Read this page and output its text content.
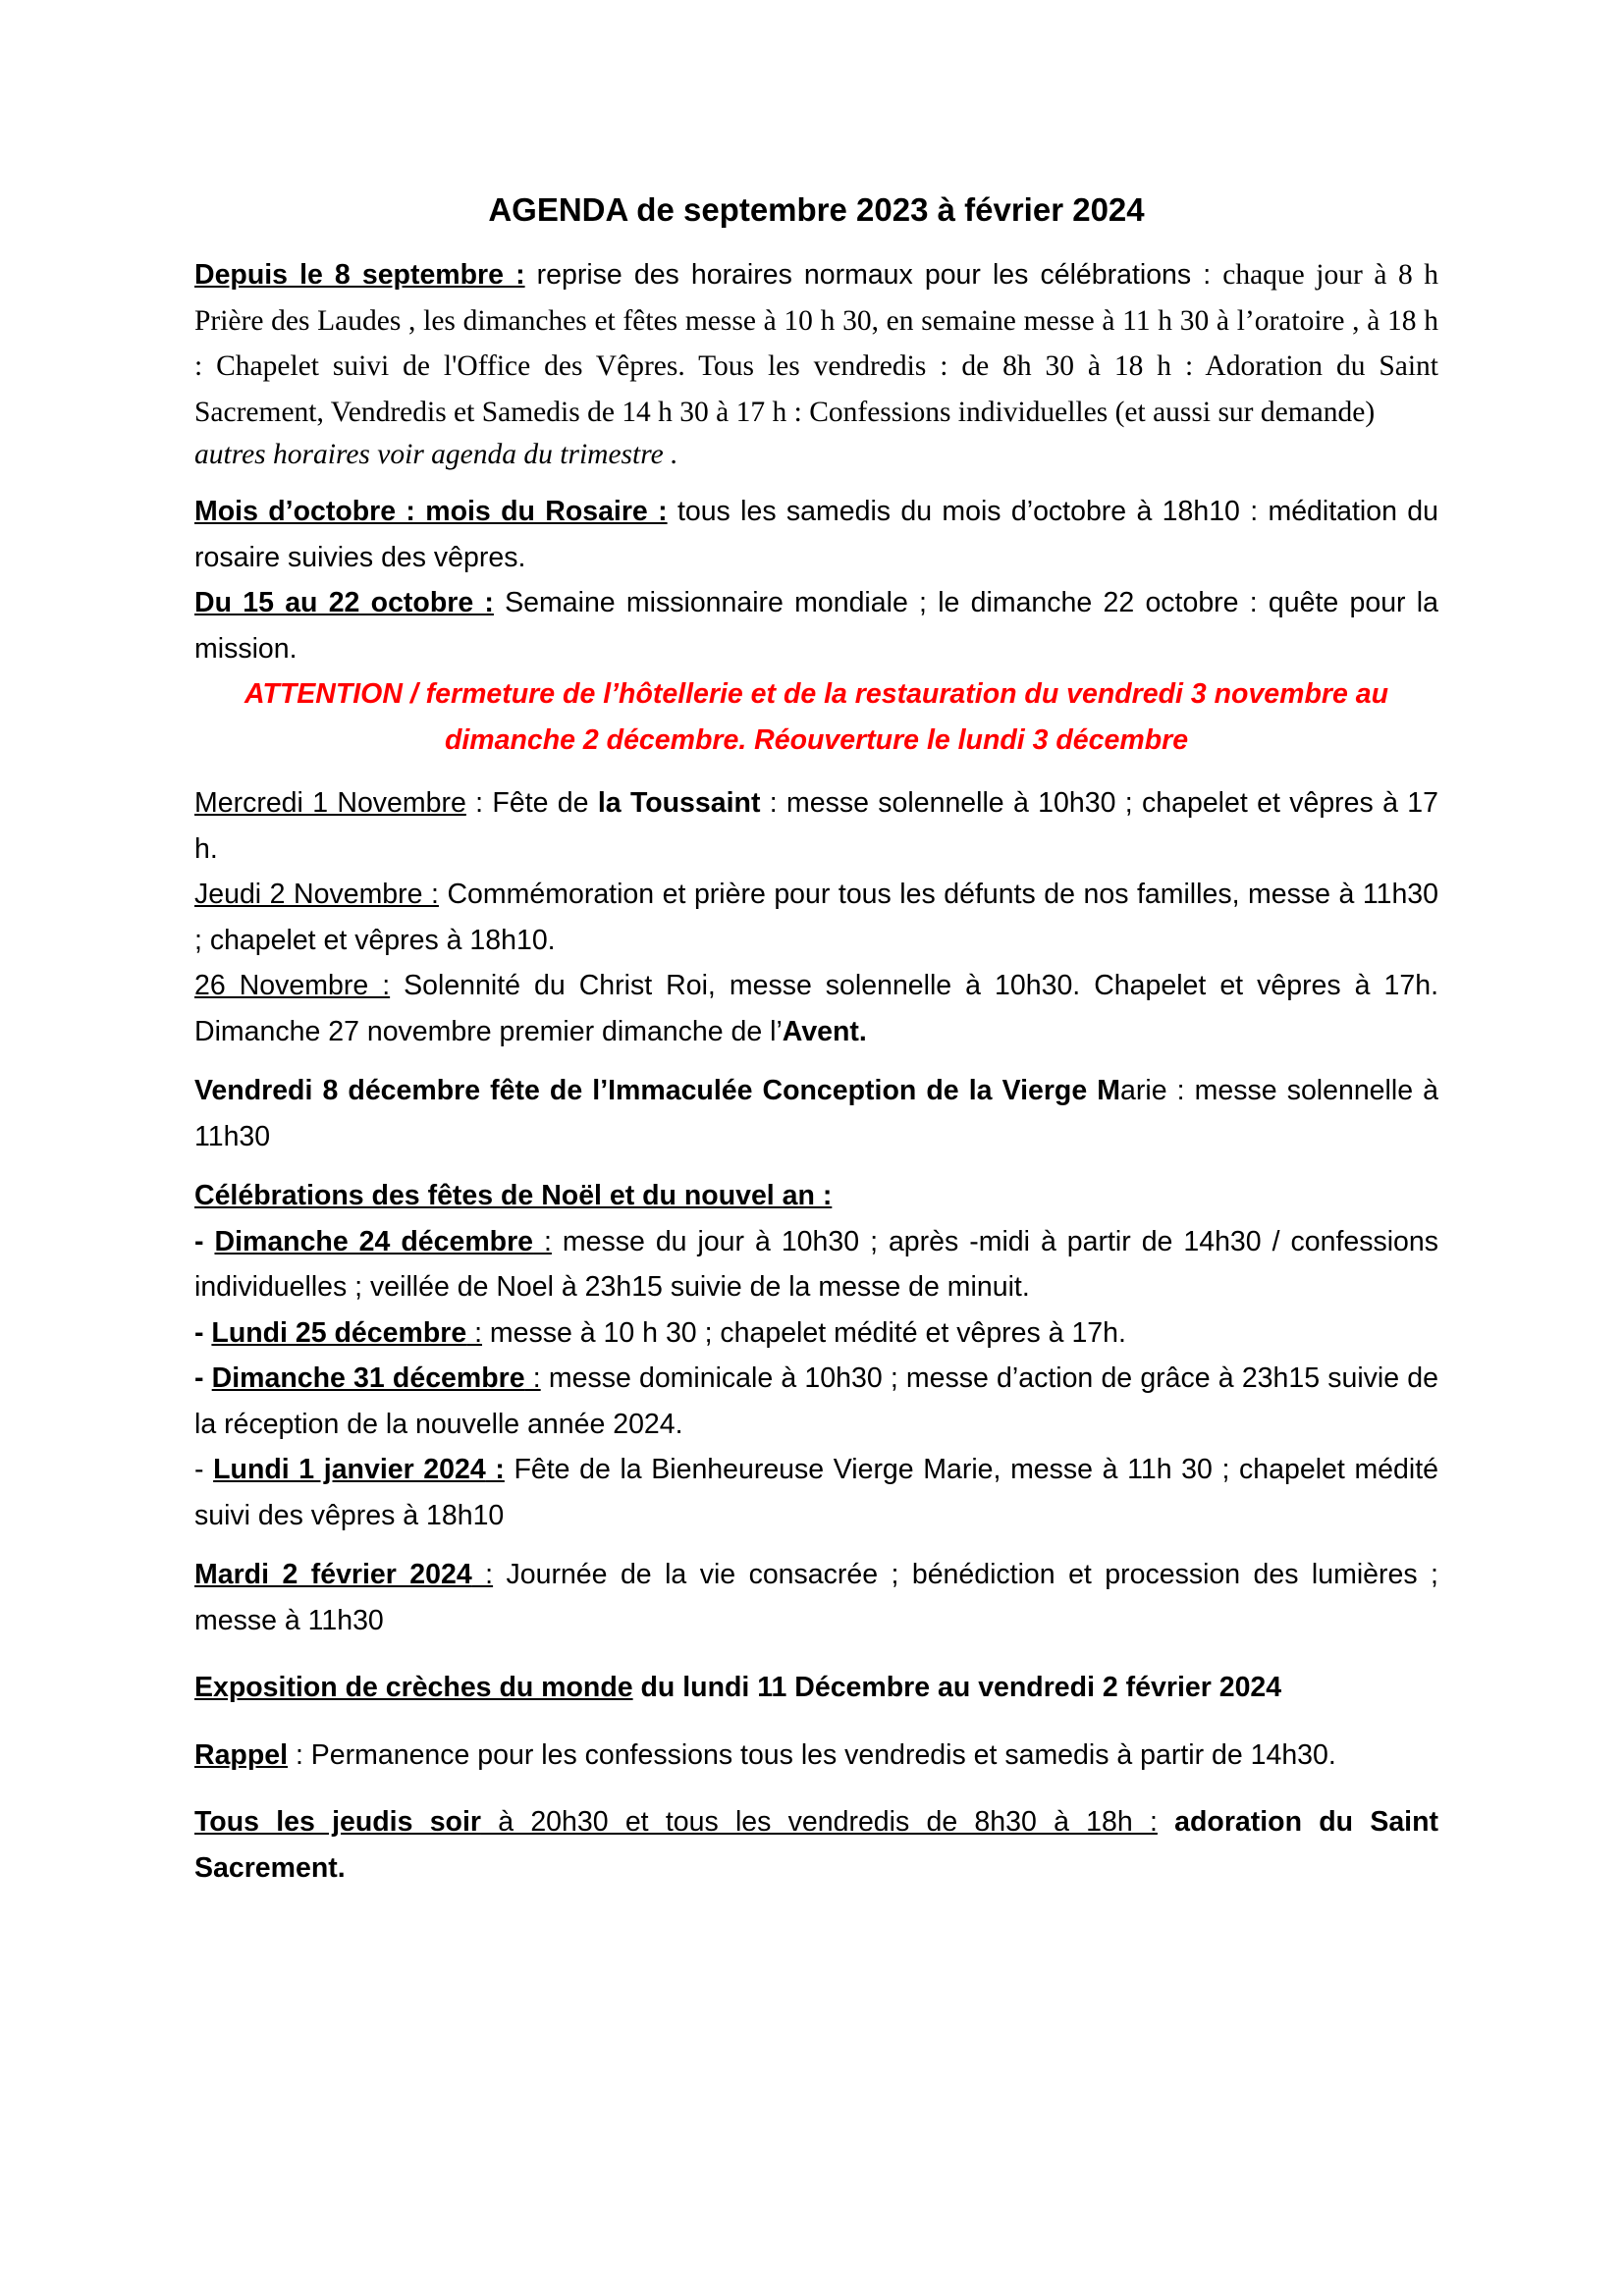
AGENDA de septembre 2023 à février 2024

Depuis le 8 septembre : reprise des horaires normaux pour les célébrations : chaque jour à 8 h Prière des Laudes , les dimanches et fêtes messe à 10 h 30, en semaine messe à 11 h 30 à l’oratoire , à 18 h : Chapelet suivi de l'Office des Vêpres. Tous les vendredis : de 8h 30 à 18 h : Adoration du Saint Sacrement, Vendredis et Samedis de 14 h 30 à 17 h : Confessions individuelles (et aussi sur demande)

autres horaires voir agenda du trimestre .

Mois d’octobre : mois du Rosaire : tous les samedis du mois d’octobre à 18h10 : méditation du rosaire suivies des vêpres.

Du 15 au 22 octobre : Semaine missionnaire mondiale ; le dimanche 22 octobre : quête pour la mission.

ATTENTION / fermeture de l’hôtellerie et de la restauration du vendredi 3 novembre au

dimanche 2 décembre. Réouverture le lundi 3 décembre

Mercredi 1 Novembre : Fête de la Toussaint : messe solennelle à 10h30 ; chapelet et vêpres à 17 h.

Jeudi 2 Novembre : Commémoration et prière pour tous les défunts de nos familles, messe à 11h30 ; chapelet et vêpres à 18h10.

26 Novembre : Solennité du Christ Roi, messe solennelle à 10h30. Chapelet et vêpres à 17h. Dimanche 27 novembre premier dimanche de l’Avent.

Vendredi 8 décembre fête de l’Immaculée Conception de la Vierge Marie : messe solennelle à 11h30

Célébrations des fêtes de Noël et du nouvel an :

- Dimanche 24 décembre : messe du jour à 10h30 ; après -midi à partir de 14h30 / confessions individuelles ; veillée de Noel à 23h15 suivie de la messe de minuit.

- Lundi 25 décembre : messe à 10 h 30 ; chapelet médité et vêpres à 17h.

- Dimanche 31 décembre : messe dominicale à 10h30 ; messe d’action de grâce à 23h15 suivie de la réception de la nouvelle année 2024.

- Lundi 1 janvier 2024 : Fête de la Bienheureuse Vierge Marie, messe à 11h 30 ; chapelet médité suivi des vêpres à 18h10

Mardi 2 février 2024 : Journée de la vie consacrée ; bénédiction et procession des lumières ; messe à 11h30

Exposition de crèches du monde du lundi 11 Décembre au vendredi 2 février 2024

Rappel : Permanence pour les confessions tous les vendredis et samedis à partir de 14h30.

Tous les jeudis soir à 20h30 et tous les vendredis de 8h30 à 18h : adoration du Saint Sacrement.
